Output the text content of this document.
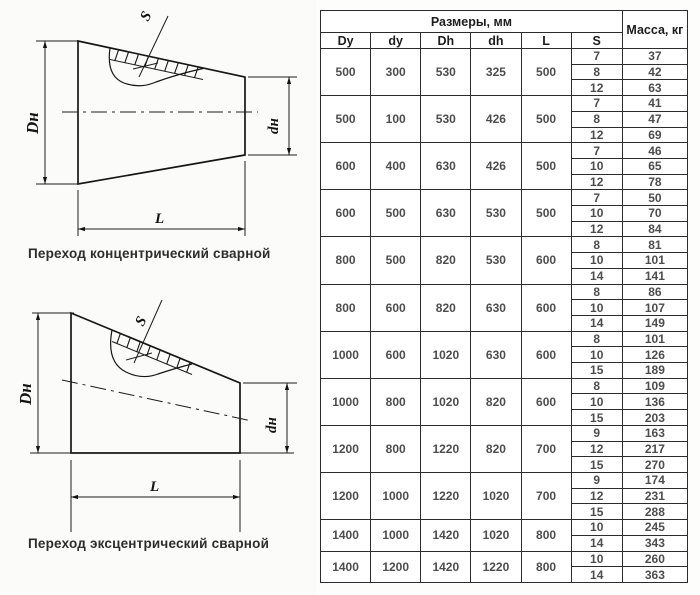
Dн	dн
L
S
Переход концентрический сварной
Dн
dн
L
S
Переход эксцентрический сварной
Размеры, мм						Масса, кг
Dy	dy	Dh	dh	L	S	
500	300	530	325	500	7	37
					8	42
					12	63
500	100	530	426	500	7	41
					8	47
					12	69
600	400	630	426	500	7	46
					10	65
					12	78
600	500	630	530	500	7	50
					10	70
					12	84
800	500	820	530	600	8	81
					10	101
					14	141
800	600	820	630	600	8	86
					10	107
					14	149
1000	600	1020	630	600	8	101
					10	126
					15	189
1000	800	1020	820	600	8	109
					10	136
					15	203
1200	800	1220	820	700	9	163
					12	217
					15	270
1200	1000	1220	1020	700	9	174
					12	231
					15	288
1400	1000	1420	1020	800	10	245
					14	343
1400	1200	1420	1220	800	10	260
					14	363
